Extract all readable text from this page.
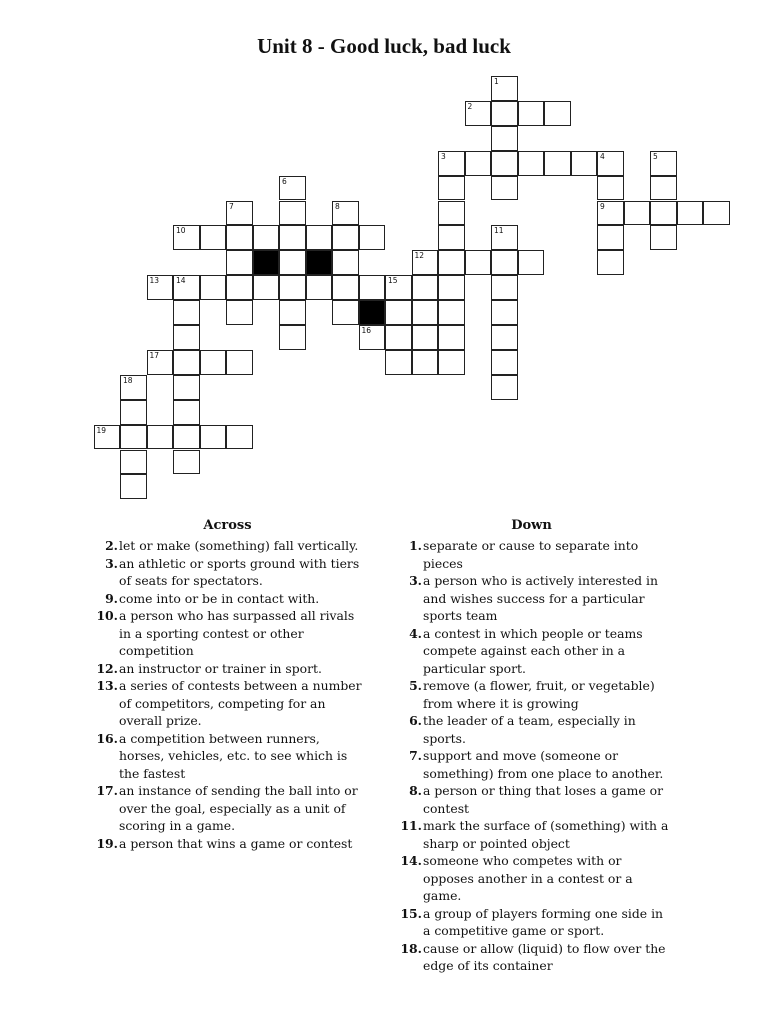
Unit 8 - Good luck, bad luck
1
2
3	4	5
6
7	8	9
10	11
12
13 14	15
16
17
18
19
Across
2. let or make (something) fall vertically.
3. an athletic or sports ground with tiers of seats for spectators.
9. come into or be in contact with.
10. a person who has surpassed all rivals in a sporting contest or other competition
12. an instructor or trainer in sport.
13. a series of contests between a number of competitors, competing for an overall prize.
16. a competition between runners, horses, vehicles, etc. to see which is the fastest
17. an instance of sending the ball into or over the goal, especially as a unit of scoring in a game.
19. a person that wins a game or contest
Down
1. separate or cause to separate into pieces
3. a person who is actively interested in and wishes success for a particular sports team
4. a contest in which people or teams compete against each other in a particular sport.
5. remove (a flower, fruit, or vegetable) from where it is growing
6. the leader of a team, especially in sports.
7. support and move (someone or something) from one place to another.
8. a person or thing that loses a game or contest
11. mark the surface of (something) with a sharp or pointed object
14. someone who competes with or opposes another in a contest or a game.
15. a group of players forming one side in a competitive game or sport.
18. cause or allow (liquid) to flow over the edge of its container
